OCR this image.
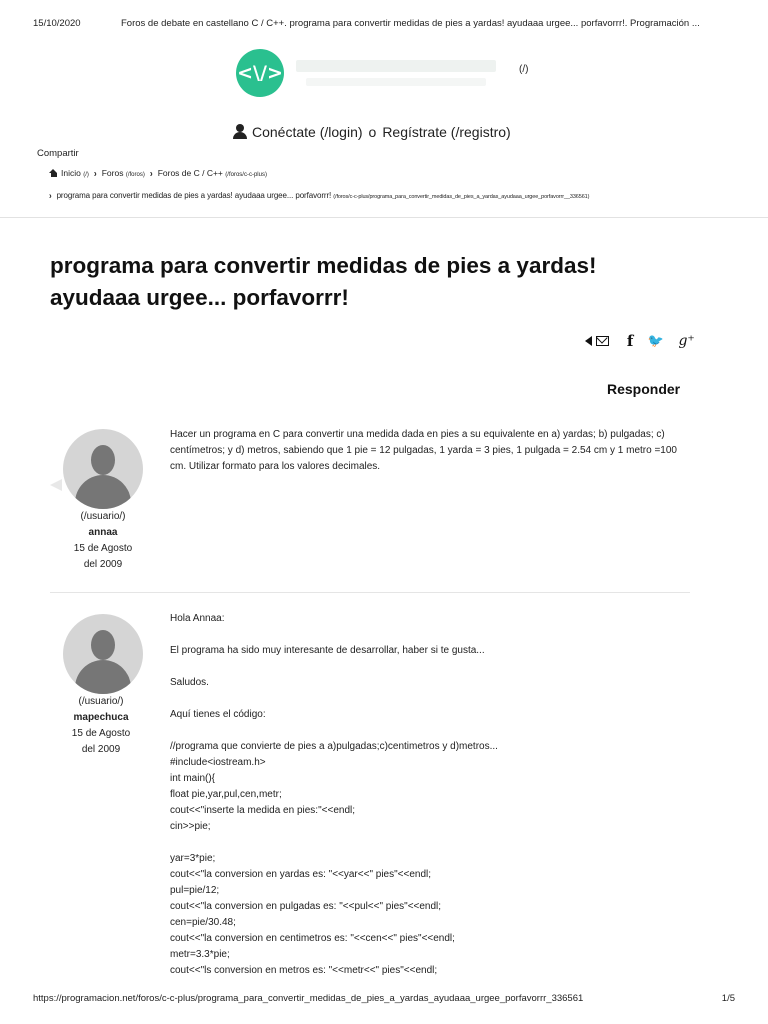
15/10/2020	Foros de debate en castellano C / C++. programa para convertir medidas de pies a yardas! ayudaaa urgee... porfavorrr!. Programación ...
<\/>	(/)
Conéctate (/login) o Regístrate (/registro)
Compartir
Inicio (/) › Foros (/foros) › Foros de C / C++ (/foros/c-c-plus)
› programa para convertir medidas de pies a yardas! ayudaaa urgee... porfavorrr! (/foros/c-c-plus/programa_para_convertir_medidas_de_pies_a_yardas_ayudaaa_urgee_porfavorrr__336561)
programa para convertir medidas de pies a yardas! ayudaaa urgee... porfavorrr!
f 🐦 g⁺
Responder
(/usuario/)
annaa
15 de Agosto
del 2009

Hacer un programa en C para convertir una medida dada en pies a su equivalente en a) yardas; b) pulgadas; c) centímetros; y d) metros, sabiendo que 1 pie = 12 pulgadas, 1 yarda = 3 pies, 1 pulgada = 2.54 cm y 1 metro =100 cm. Utilizar formato para los valores decimales.

(/usuario/)
mapechuca
15 de Agosto
del 2009

Hola Annaa:

El programa ha sido muy interesante de desarrollar, haber si te gusta...

Saludos.

Aquí tienes el código:

//programa que convierte de pies a a)pulgadas;c)centimetros y d)metros...

#include<iostream.h>

int main(){

float pie,yar,pul,cen,metr;

cout<<"inserte la medida en pies:"<<endl;

cin>>pie;

yar=3*pie;

cout<<"la conversion en yardas es: "<<yar<<" pies"<<endl;

pul=pie/12;

cout<<"la conversion en pulgadas es: "<<pul<<" pies"<<endl;

cen=pie/30.48;

cout<<"la conversion en centimetros es: "<<cen<<" pies"<<endl;

metr=3.3*pie;

cout<<"ls conversion en metros es: "<<metr<<" pies"<<endl;

https://programacion.net/foros/c-c-plus/programa_para_convertir_medidas_de_pies_a_yardas_ayudaaa_urgee_porfavorrr_336561	1/5
